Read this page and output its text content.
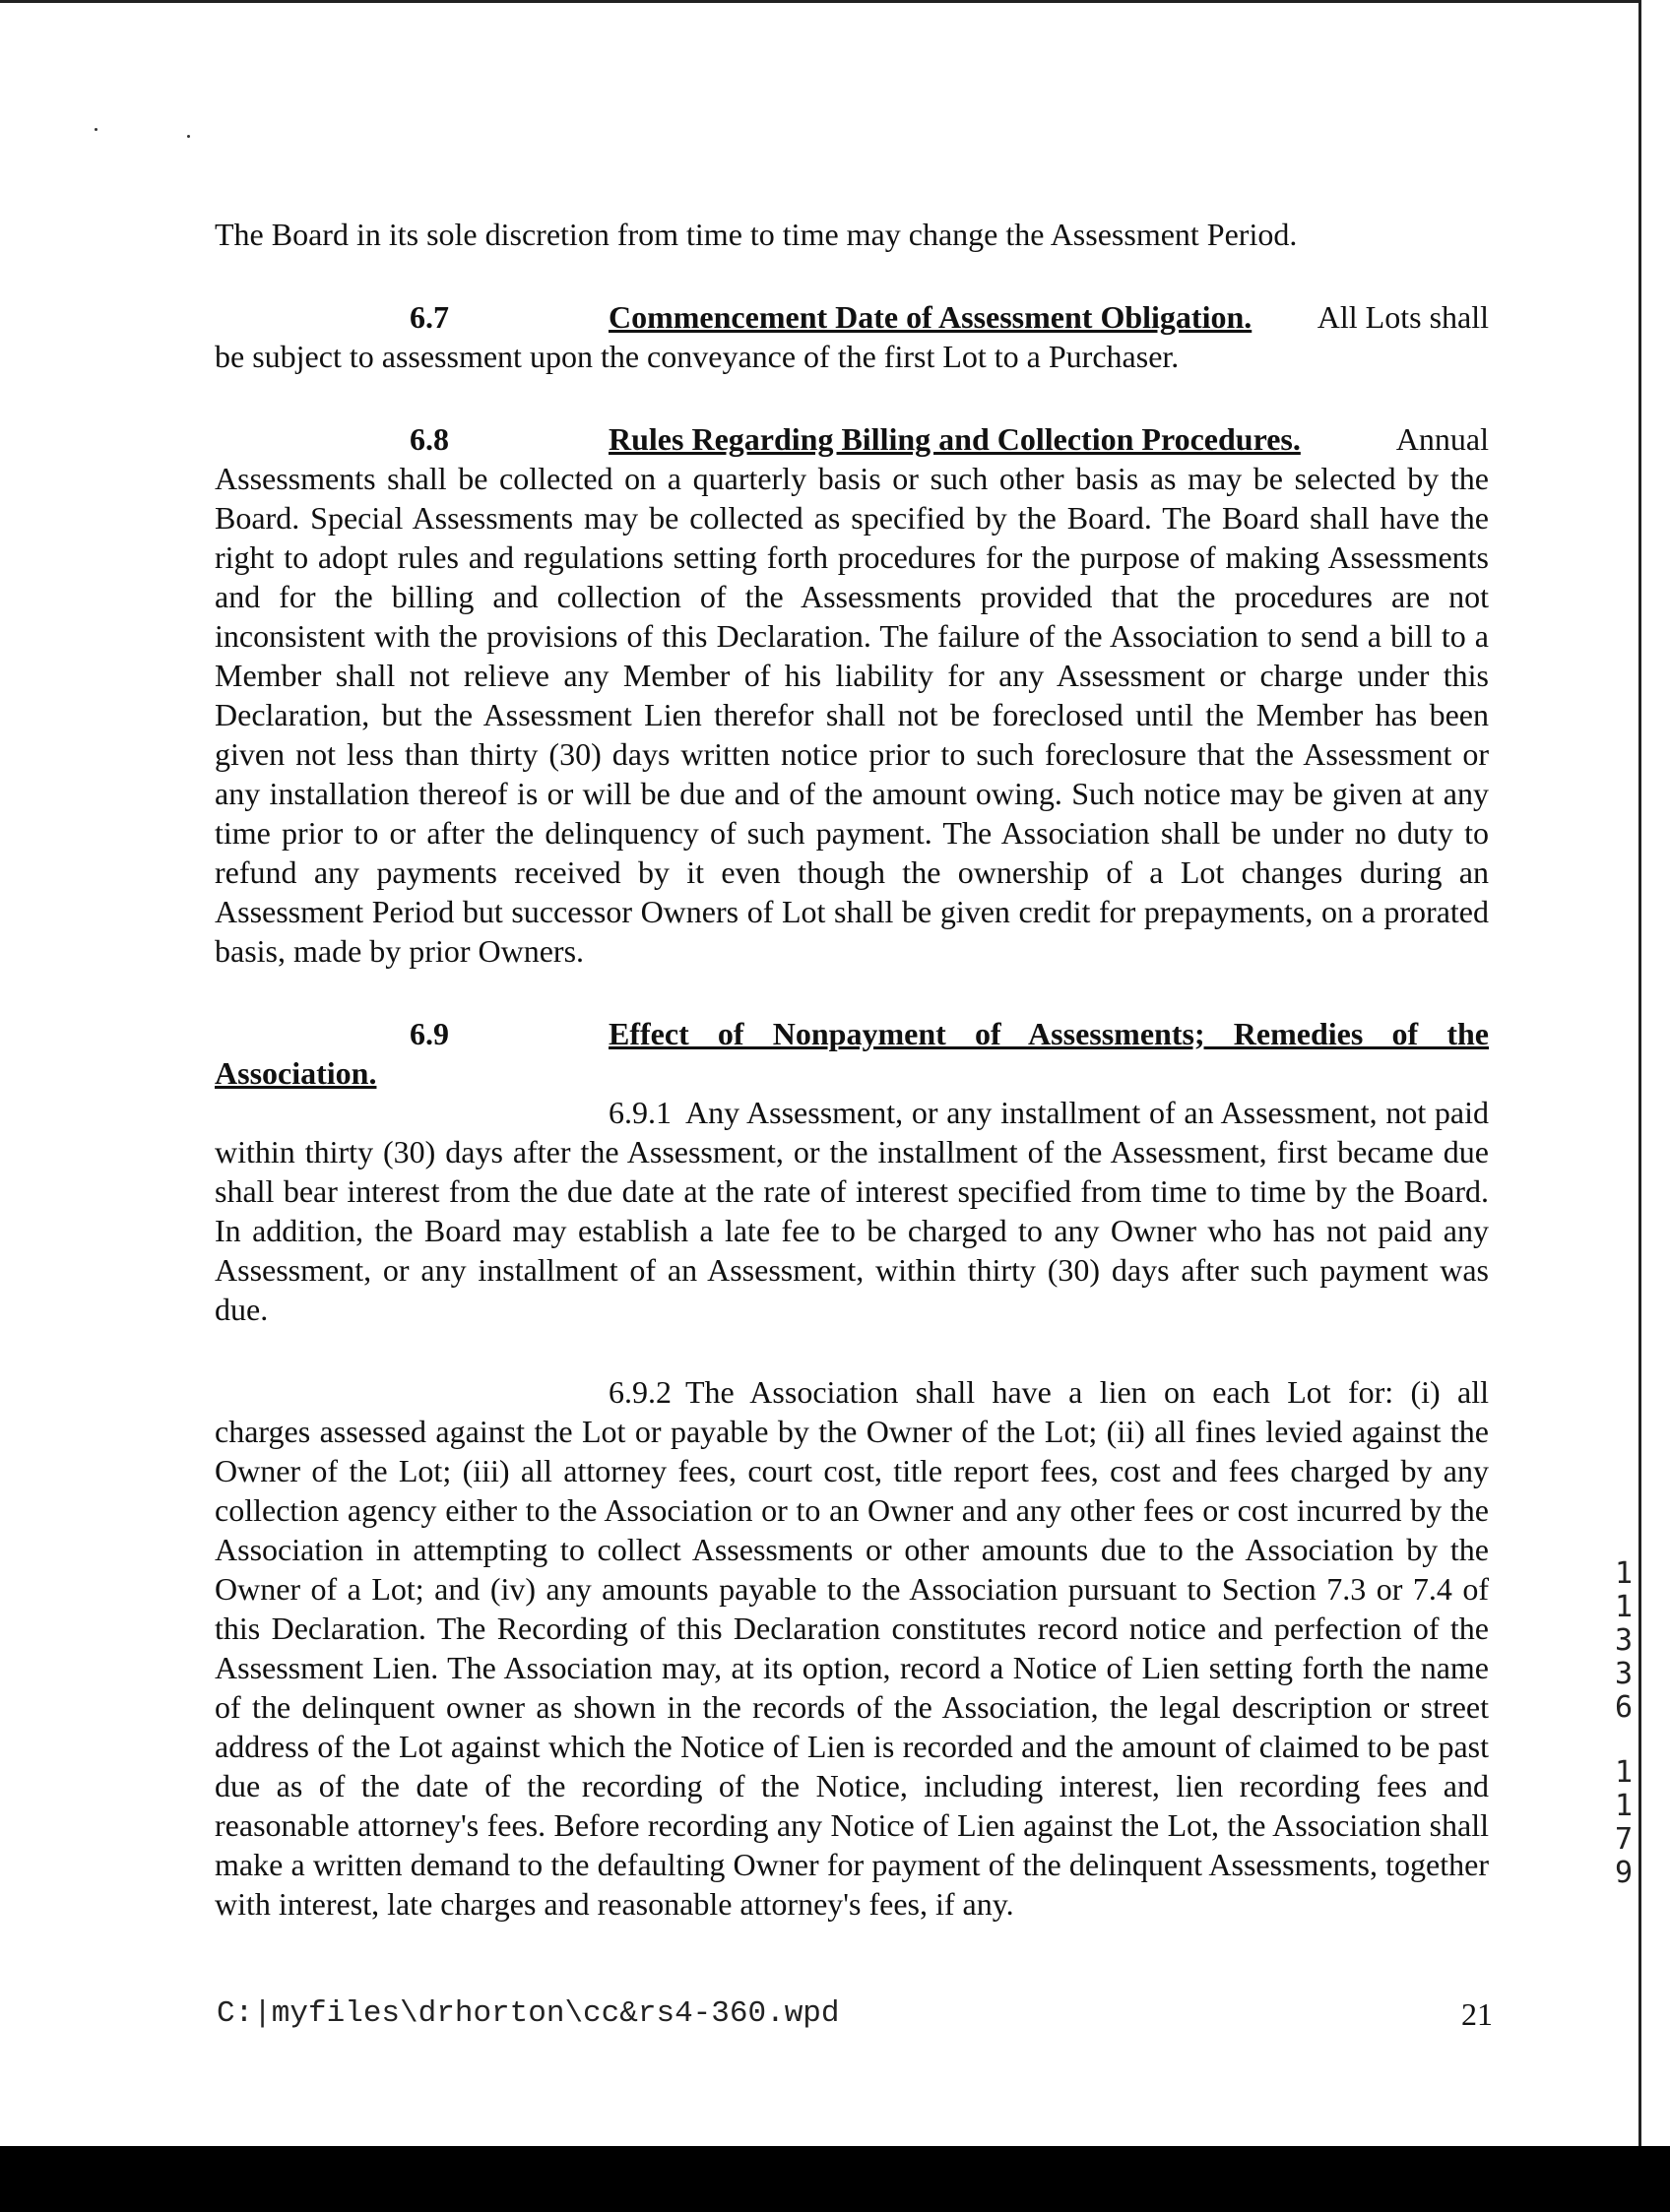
The Board in its sole discretion from time to time may change the Assessment Period.

6.7	Commencement Date of Assessment Obligation. All Lots shall

be subject to assessment upon the conveyance of the first Lot to a Purchaser.

6.8	Rules Regarding Billing and Collection Procedures.	Annual

Assessments shall be collected on a quarterly basis or such other basis as may be selected by the Board. Special Assessments may be collected as specified by the Board. The Board shall have the right to adopt rules and regulations setting forth procedures for the purpose of making Assessments and for the billing and collection of the Assessments provided that the procedures are not inconsistent with the provisions of this Declaration. The failure of the Association to send a bill to a Member shall not relieve any Member of his liability for any Assessment or charge under this Declaration, but the Assessment Lien therefor shall not be foreclosed until the Member has been given not less than thirty (30) days written notice prior to such foreclosure that the Assessment or any installation thereof is or will be due and of the amount owing. Such notice may be given at any time prior to or after the delinquency of such payment. The Association shall be under no duty to refund any payments received by it even though the ownership of a Lot changes during an Assessment Period but successor Owners of Lot shall be given credit for prepayments, on a prorated basis, made by prior Owners.

6.9	Effect of Nonpayment of Assessments; Remedies of the

Association.

6.9.1 Any Assessment, or any installment of an Assessment, not paid within thirty (30) days after the Assessment, or the installment of the Assessment, first became due shall bear interest from the due date at the rate of interest specified from time to time by the Board. In addition, the Board may establish a late fee to be charged to any Owner who has not paid any Assessment, or any installment of an Assessment, within thirty (30) days after such payment was due.

6.9.2 The Association shall have a lien on each Lot for: (i) all charges assessed against the Lot or payable by the Owner of the Lot; (ii) all fines levied against the Owner of the Lot; (iii) all attorney fees, court cost, title report fees, cost and fees charged by any collection agency either to the Association or to an Owner and any other fees or cost incurred by the Association in attempting to collect Assessments or other amounts due to the Association by the Owner of a Lot; and (iv) any amounts payable to the Association pursuant to Section 7.3 or 7.4 of this Declaration. The Recording of this Declaration constitutes record notice and perfection of the Assessment Lien. The Association may, at its option, record a Notice of Lien setting forth the name of the delinquent owner as shown in the records of the Association, the legal description or street address of the Lot against which the Notice of Lien is recorded and the amount of claimed to be past due as of the date of the recording of the Notice, including interest, lien recording fees and reasonable attorney's fees. Before recording any Notice of Lien against the Lot, the Association shall make a written demand to the defaulting Owner for payment of the delinquent Assessments, together with interest, late charges and reasonable attorney's fees, if any.

C:|myfiles\drhorton\cc&rs4-360.wpd	21
1
1
3
3
6
1
1
7
9
